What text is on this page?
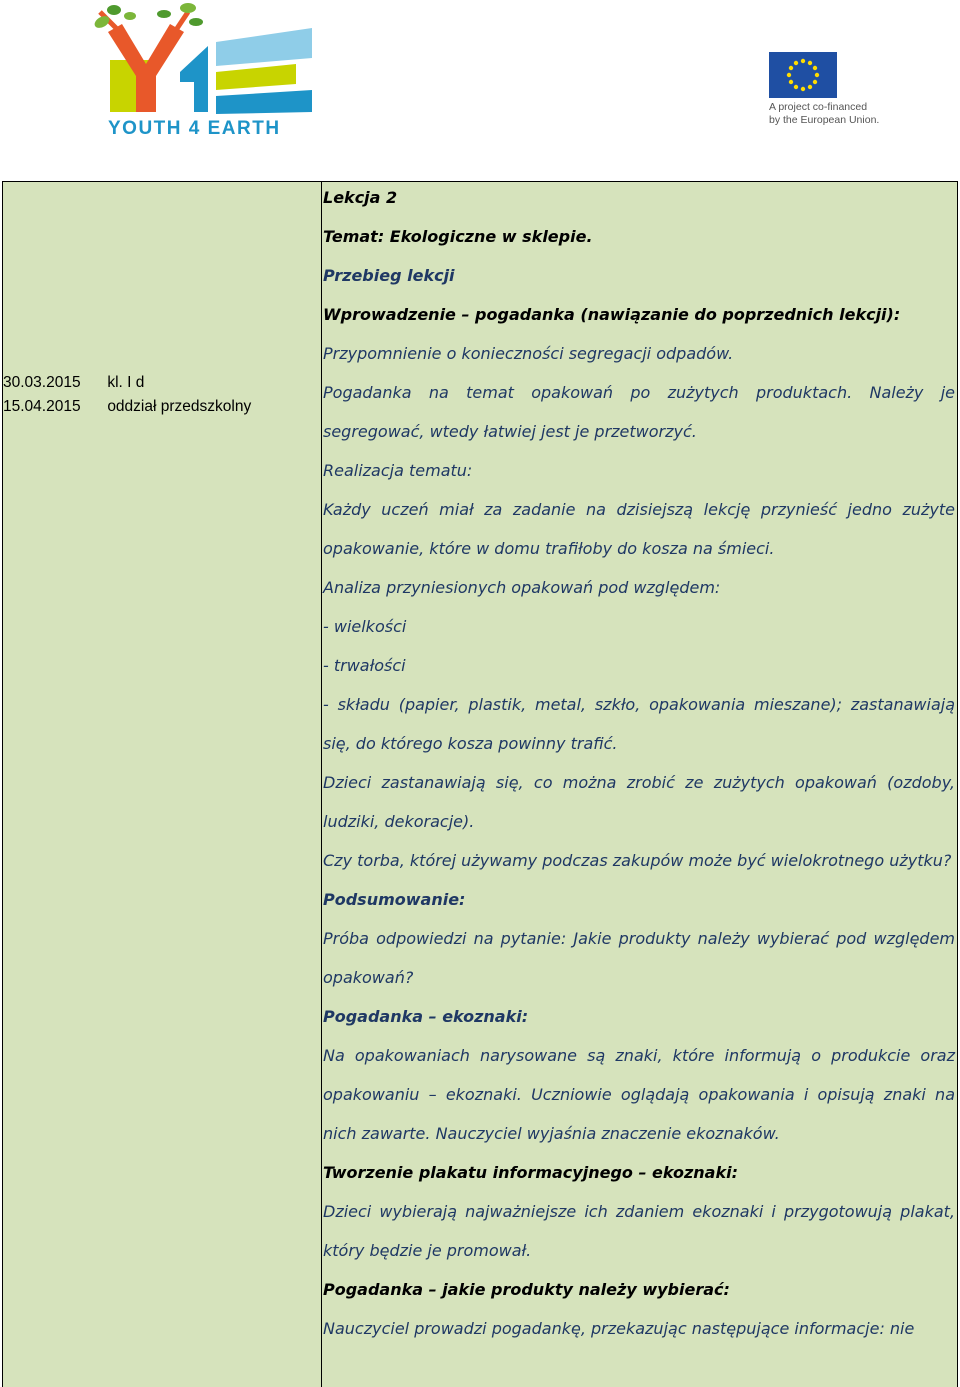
YOUTH 4 EARTH
A project co-financed
by the European Union.
30.03.2015 kl. I d
15.04.2015 oddział przedszkolny

Lekcja 2

Temat: Ekologiczne w sklepie.

Przebieg lekcji

Wprowadzenie – pogadanka (nawiązanie do poprzednich lekcji):

Przypomnienie o konieczności segregacji odpadów.

Pogadanka na temat opakowań po zużytych produktach. Należy je segregować, wtedy łatwiej jest je przetworzyć.

Realizacja tematu:

Każdy uczeń miał za zadanie na dzisiejszą lekcję przynieść jedno zużyte opakowanie, które w domu trafiłoby do kosza na śmieci.

Analiza przyniesionych opakowań pod względem:

- wielkości

- trwałości

- składu (papier, plastik, metal, szkło, opakowania mieszane); zastanawiają się, do którego kosza powinny trafić.

Dzieci zastanawiają się, co można zrobić ze zużytych opakowań (ozdoby, ludziki, dekoracje).

Czy torba, której używamy podczas zakupów może być wielokrotnego użytku?

Podsumowanie:

Próba odpowiedzi na pytanie: Jakie produkty należy wybierać pod względem opakowań?

Pogadanka – ekoznaki:

Na opakowaniach narysowane są znaki, które informują o produkcie oraz opakowaniu – ekoznaki. Uczniowie oglądają opakowania i opisują znaki na nich zawarte. Nauczyciel wyjaśnia znaczenie ekoznaków.

Tworzenie plakatu informacyjnego – ekoznaki:

Dzieci wybierają najważniejsze ich zdaniem ekoznaki i przygotowują plakat, który będzie je promował.

Pogadanka – jakie produkty należy wybierać:

Nauczyciel prowadzi pogadankę, przekazując następujące informacje: nie
